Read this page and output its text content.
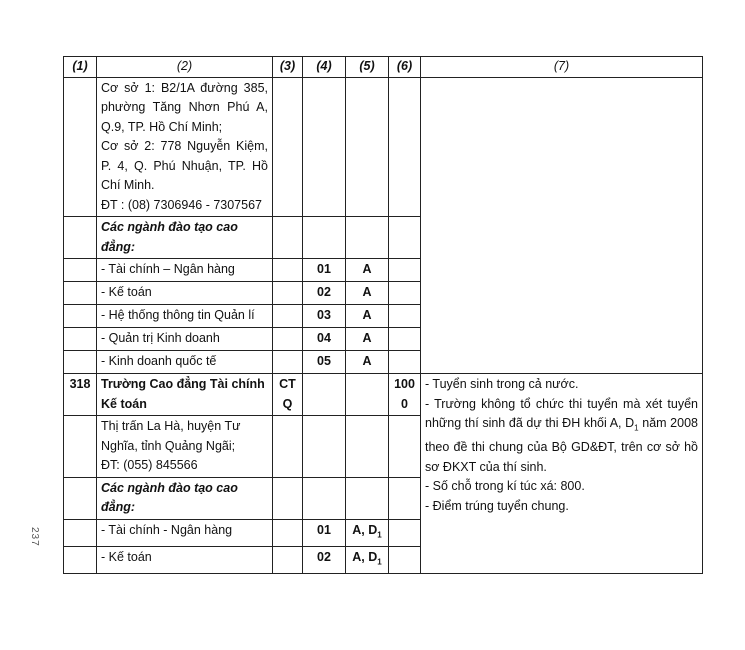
237
(1)	(2)	(3)	(4)	(5)	(6)	(7)

	Cơ sở 1: B2/1A đường 385, phường Tăng Nhơn Phú A, Q.9, TP. Hồ Chí Minh;
Cơ sở 2: 778 Nguyễn Kiệm, P. 4, Q. Phú Nhuận, TP. Hồ Chí Minh.
ĐT : (08) 7306946 - 7307567					

	Các ngành đào tạo cao đẳng:					
	- Tài chính – Ngân hàng		01	A		
	- Kế toán		02	A		
	- Hệ thống thông tin Quản lí		03	A		
	- Quản trị Kinh doanh		04	A		
	- Kinh doanh quốc tế		05	A		
318	Trường Cao đẳng Tài chính Kế toán	CT Q			100 0	- Tuyển sinh trong cả nước.
- Trường không tổ chức thi tuyển mà xét tuyển những thí sinh đã dự thi ĐH khối A, $D_1$ năm 2008 theo đề thi chung của Bộ GD&ĐT, trên cơ sở hồ sơ ĐKXT của thí sinh.
- Số chỗ trong kí túc xá: 800.
- Điểm trúng tuyển chung.

	Thị trấn La Hà, huyện Tư Nghĩa, tỉnh Quảng Ngãi;
ĐT: (055) 845566					

	Các ngành đào tạo cao đẳng:					
	- Tài chính - Ngân hàng		01	A, $D_1$	
	- Kế toán		02	A, $D_1$	
